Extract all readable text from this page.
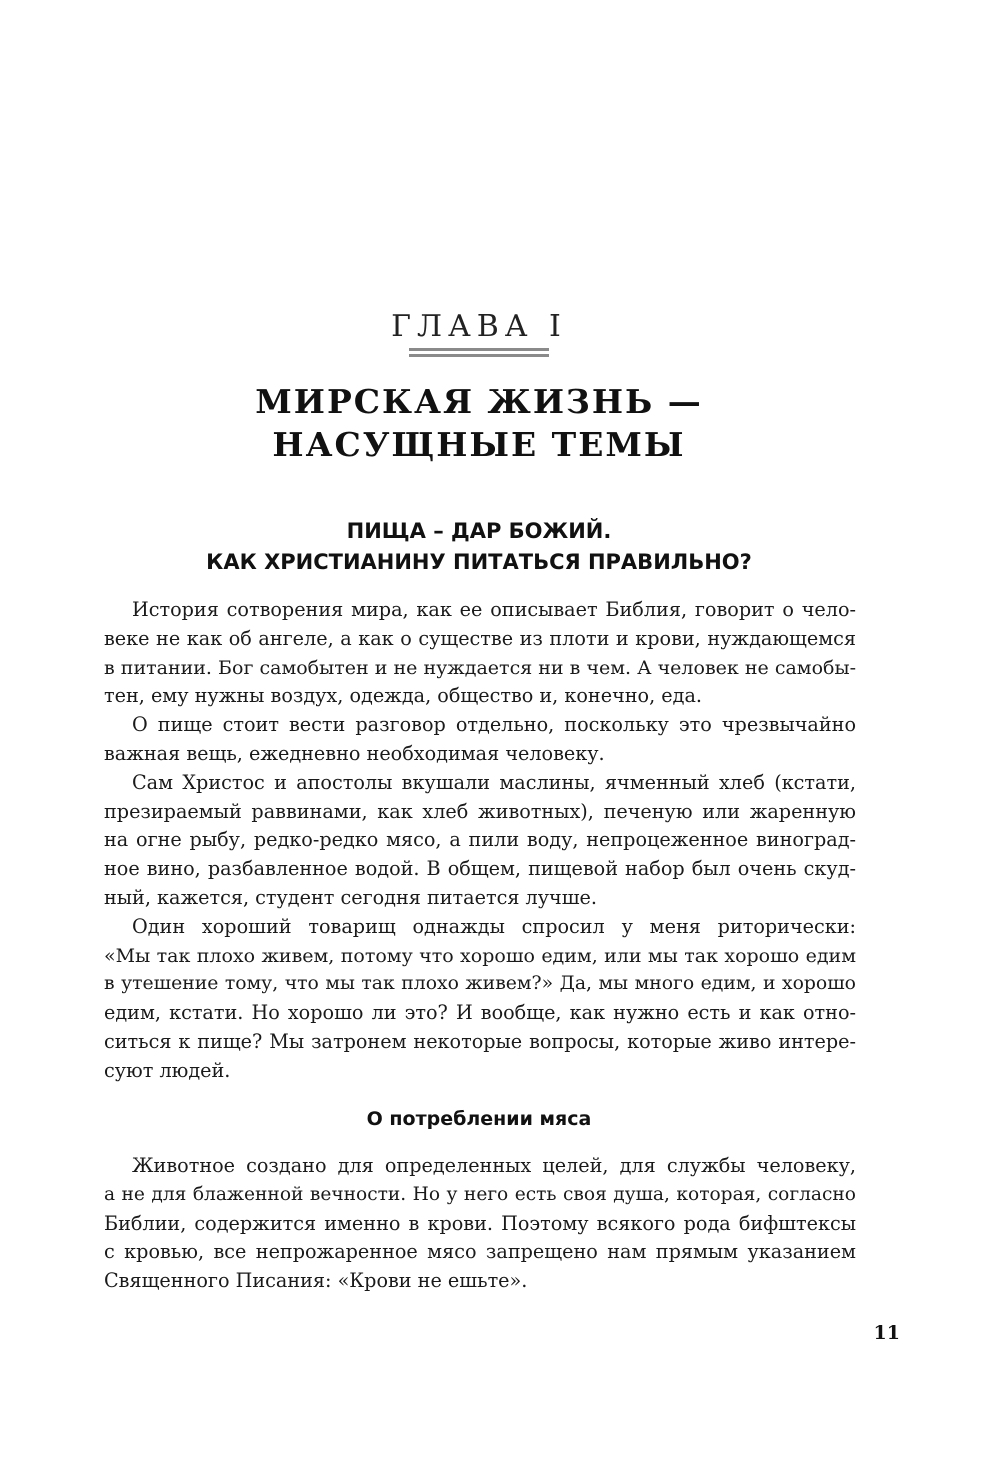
ГЛАВА I
МИРСКАЯ ЖИЗНЬ —
НАСУЩНЫЕ ТЕМЫ
ПИЩА – ДАР БОЖИЙ.
КАК ХРИСТИАНИНУ ПИТАТЬСЯ ПРАВИЛЬНО?
История сотворения мира, как ее описывает Библия, говорит о чело-
веке не как об ангеле, а как о существе из плоти и крови, нуждающемся
в питании. Бог самобытен и не нуждается ни в чем. А человек не самобы-
тен, ему нужны воздух, одежда, общество и, конечно, еда.
О пище стоит вести разговор отдельно, поскольку это чрезвычайно
важная вещь, ежедневно необходимая человеку.
Сам Христос и апостолы вкушали маслины, ячменный хлеб (кстати,
презираемый раввинами, как хлеб животных), печеную или жаренную
на огне рыбу, редко-редко мясо, а пили воду, непроцеженное виноград-
ное вино, разбавленное водой. В общем, пищевой набор был очень скуд-
ный, кажется, студент сегодня питается лучше.
Один хороший товарищ однажды спросил у меня риторически:
«Мы так плохо живем, потому что хорошо едим, или мы так хорошо едим
в утешение тому, что мы так плохо живем?» Да, мы много едим, и хорошо
едим, кстати. Но хорошо ли это? И вообще, как нужно есть и как отно-
ситься к пище? Мы затронем некоторые вопросы, которые живо интере-
суют людей.
О потреблении мяса
Животное создано для определенных целей, для службы человеку,
а не для блаженной вечности. Но у него есть своя душа, которая, согласно
Библии, содержится именно в крови. Поэтому всякого рода бифштексы
с кровью, все непрожаренное мясо запрещено нам прямым указанием
Священного Писания: «Крови не ешьте».
11
